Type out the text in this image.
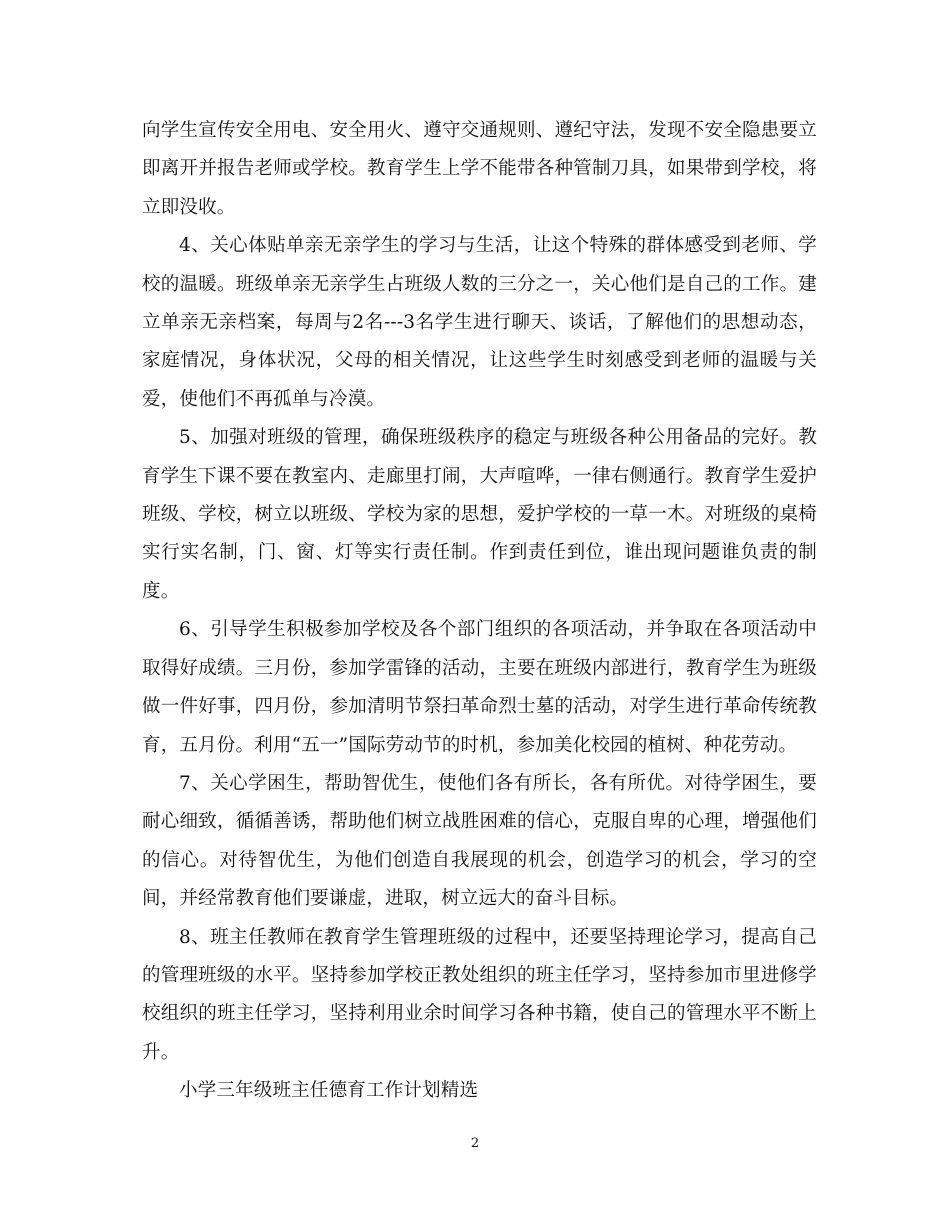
向学生宣传安全用电、安全用火、遵守交通规则、遵纪守法，发现不安全隐患要立即离开并报告老师或学校。教育学生上学不能带各种管制刀具，如果带到学校，将立即没收。

4、关心体贴单亲无亲学生的学习与生活，让这个特殊的群体感受到老师、学校的温暖。班级单亲无亲学生占班级人数的三分之一，关心他们是自己的工作。建立单亲无亲档案，每周与2名---3名学生进行聊天、谈话，了解他们的思想动态，家庭情况，身体状况，父母的相关情况，让这些学生时刻感受到老师的温暖与关爱，使他们不再孤单与冷漠。

5、加强对班级的管理，确保班级秩序的稳定与班级各种公用备品的完好。教育学生下课不要在教室内、走廊里打闹，大声喧哗，一律右侧通行。教育学生爱护班级、学校，树立以班级、学校为家的思想，爱护学校的一草一木。对班级的桌椅实行实名制，门、窗、灯等实行责任制。作到责任到位，谁出现问题谁负责的制度。

6、引导学生积极参加学校及各个部门组织的各项活动，并争取在各项活动中取得好成绩。三月份，参加学雷锋的活动，主要在班级内部进行，教育学生为班级做一件好事，四月份，参加清明节祭扫革命烈士墓的活动，对学生进行革命传统教育，五月份。利用“五一”国际劳动节的时机，参加美化校园的植树、种花劳动。

7、关心学困生，帮助智优生，使他们各有所长，各有所优。对待学困生，要耐心细致，循循善诱，帮助他们树立战胜困难的信心，克服自卑的心理，增强他们的信心。对待智优生，为他们创造自我展现的机会，创造学习的机会，学习的空间，并经常教育他们要谦虚，进取，树立远大的奋斗目标。

8、班主任教师在教育学生管理班级的过程中，还要坚持理论学习，提高自己的管理班级的水平。坚持参加学校正教处组织的班主任学习，坚持参加市里进修学校组织的班主任学习，坚持利用业余时间学习各种书籍，使自己的管理水平不断上升。

小学三年级班主任德育工作计划精选

2
